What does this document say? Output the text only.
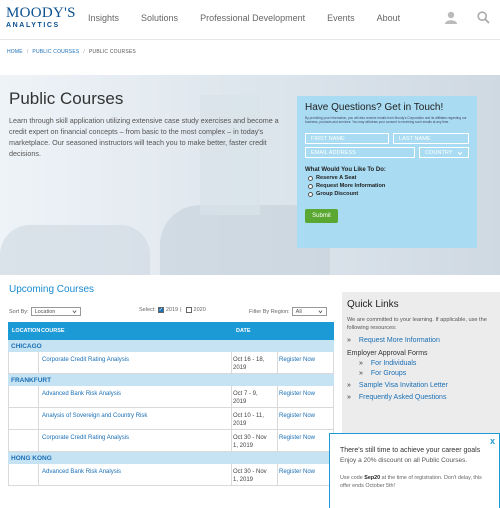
MOODY'S
ANALYTICS
Insights Solutions Professional Development Events About
HOME / PUBLIC COURSES / PUBLIC COURSES
Public Courses
Learn through skill application utilizing extensive case study exercises and become a credit expert on financial concepts – from basic to the most complex – in today's marketplace. Our seasoned instructors will teach you to make better, faster credit decisions.
Have Questions? Get in Touch!
By providing your information, you will also receive emails from Moody's Corporation and its affiliates regarding our business, products and services. You may withdraw your consent to receiving such emails at any time.
FIRST NAME	LAST NAME
EMAIL ADDRESS	COUNTRY
What Would You Like To Do:
Reserve A Seat
Request More Information
Group Discount
Submit
Upcoming Courses
Sort By: Location	Select: ✓ 2019 | 2020	Filter By Region: All
LOCATION COURSE	DATE
CHICAGO
Corporate Credit Rating Analysis	Oct 16 - 18,
2019
Register Now
FRANKFURT
Advanced Bank Risk Analysis	Oct 7 - 9,
2019
Register Now
Analysis of Sovereign and Country Risk	Oct 10 - 11,
2019
Register Now
Corporate Credit Rating Analysis	Oct 30 - Nov
1, 2019
Register Now
HONG KONG
Advanced Bank Risk Analysis	Oct 30 - Nov
1, 2019
Register Now
Quick Links
We are committed to your learning. If applicable, use the following resources:
» Request More Information
Employer Approval Forms
» For Individuals
» For Groups
» Sample Visa Invitation Letter
» Frequently Asked Questions
x
There's still time to achieve your career goals
Enjoy a 20% discount on all Public Courses.
Use code Sep20 at the time of registration. Don't delay, this offer ends October 5th!
